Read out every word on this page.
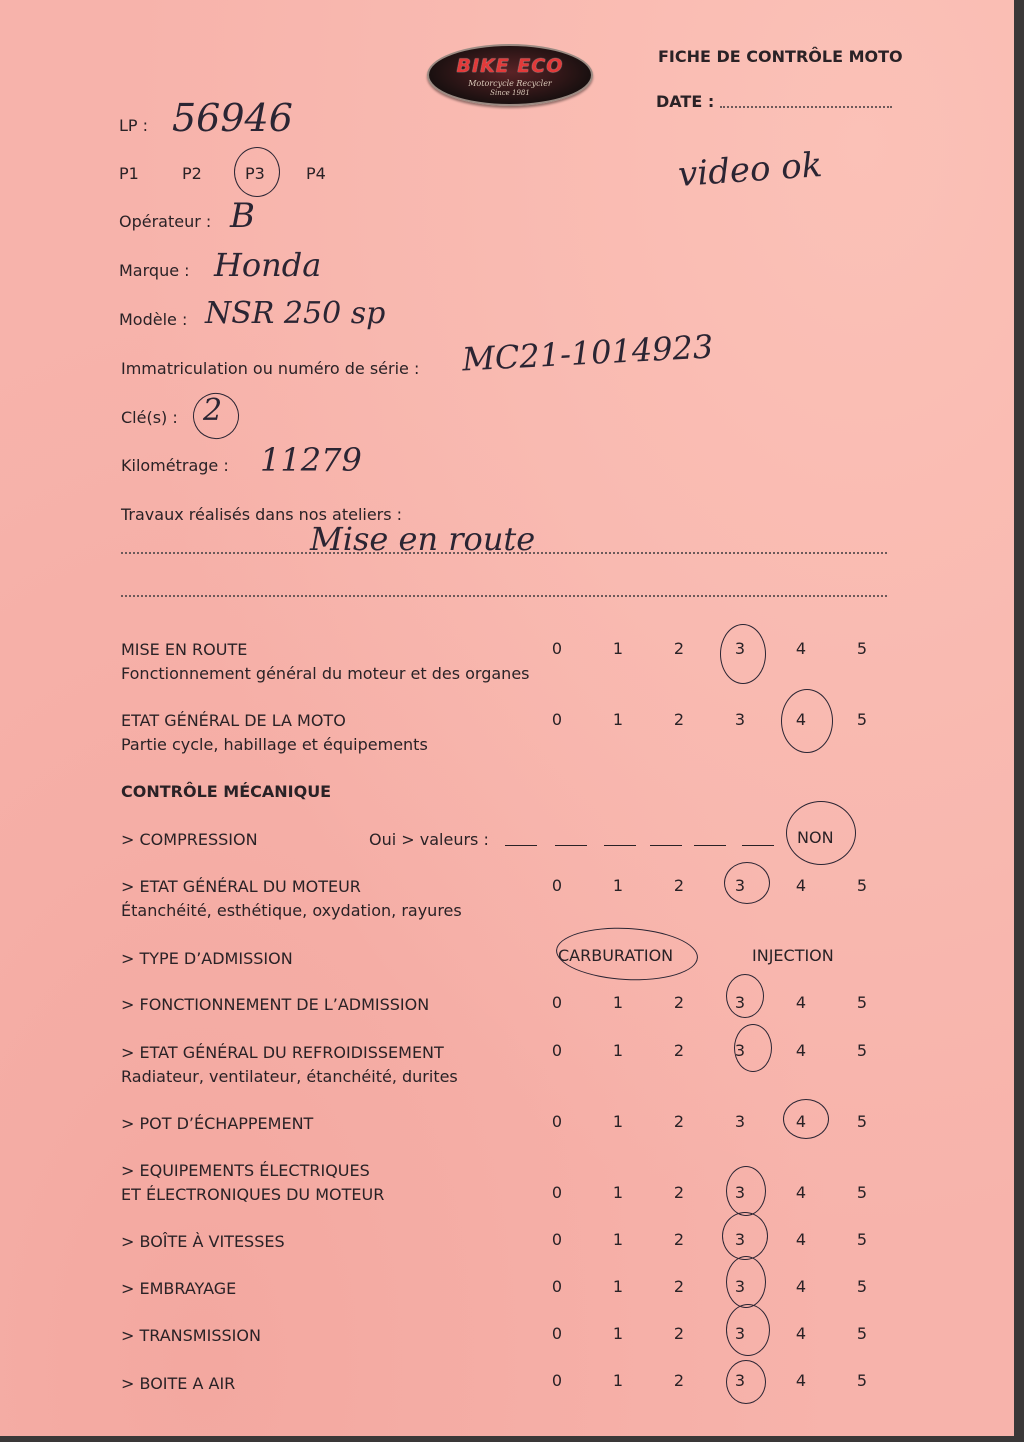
BIKE ECO
Motorcycle Recycler
Since 1981
FICHE DE CONTRÔLE MOTO
DATE :
video ok
LP : 56946
P1	P2	P3	P4
Opérateur : B
Marque : Honda
Modèle : NSR 250 sp
Immatriculation ou numéro de série : MC21-1014923
Clé(s) : 2
Kilométrage : 11279
Travaux réalisés dans nos ateliers :
Mise en route
MISE EN ROUTE
Fonctionnement général du moteur et des organes
0	1	2	3	4	5
ETAT GÉNÉRAL DE LA MOTO
Partie cycle, habillage et équipements
0	1	2	3	4	5
CONTRÔLE MÉCANIQUE
> COMPRESSION	Oui > valeurs :	NON
> ETAT GÉNÉRAL DU MOTEUR
Étanchéité, esthétique, oxydation, rayures
0	1	2	3	4	5
> TYPE D’ADMISSION	CARBURATION	INJECTION
> FONCTIONNEMENT DE L’ADMISSION	0	1	2	3	4	5
> ETAT GÉNÉRAL DU REFROIDISSEMENT
Radiateur, ventilateur, étanchéité, durites
0	1	2	3	4	5
> POT D’ÉCHAPPEMENT	0	1	2	3	4	5
> EQUIPEMENTS ÉLECTRIQUES
ET ÉLECTRONIQUES DU MOTEUR	0	1	2	3	4	5
> BOÎTE À VITESSES	0	1	2	3	4	5
> EMBRAYAGE	0	1	2	3	4	5
> TRANSMISSION	0	1	2	3	4	5
> BOITE A AIR	0	1	2	3	4	5
